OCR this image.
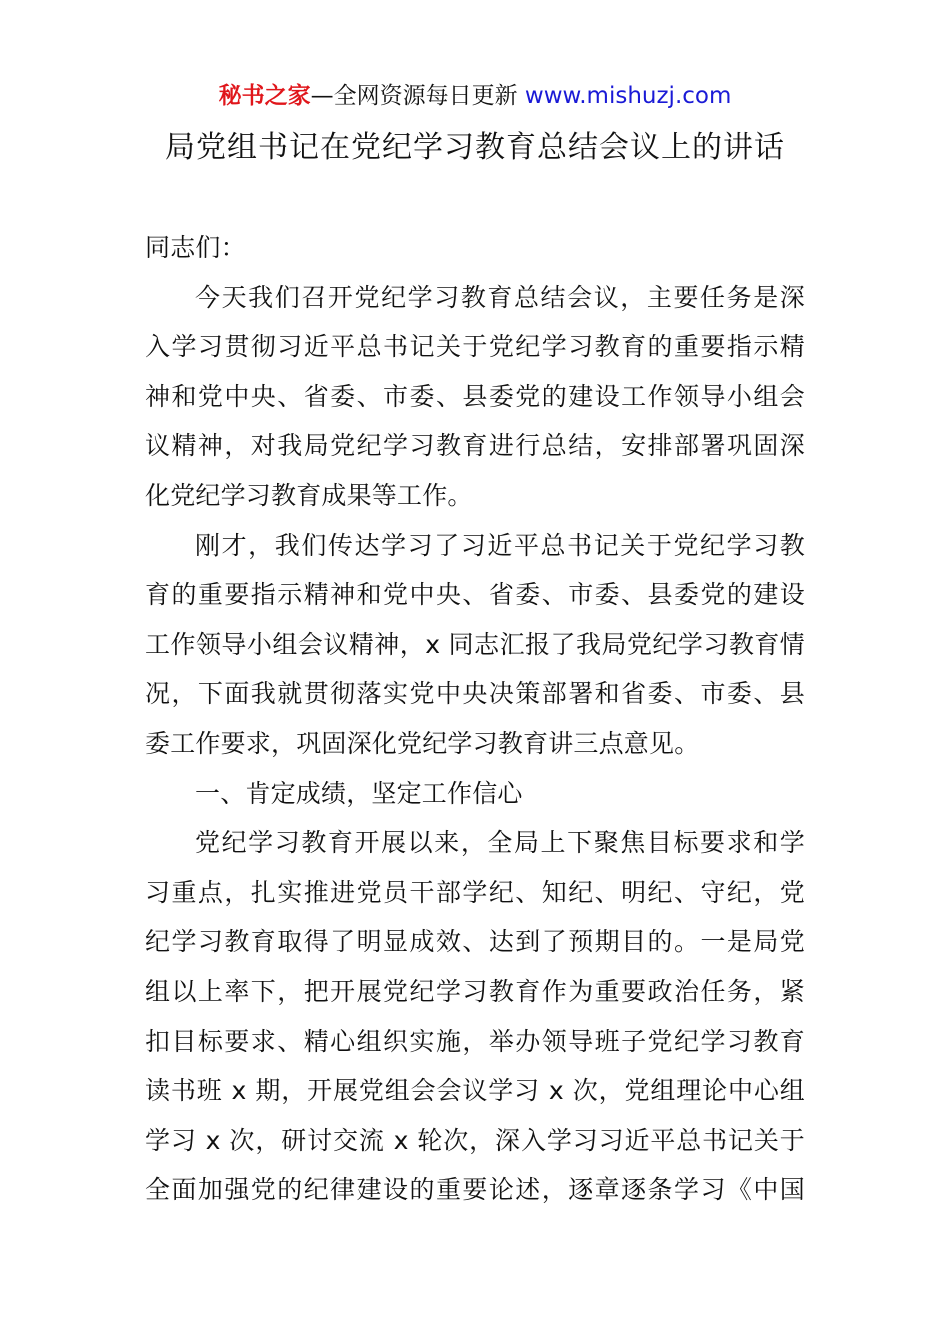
秘书之家—全网资源每日更新 www.mishuzj.com
局党组书记在党纪学习教育总结会议上的讲话
同志们：
今天我们召开党纪学习教育总结会议，主要任务是深
入学习贯彻习近平总书记关于党纪学习教育的重要指示精
神和党中央、省委、市委、县委党的建设工作领导小组会
议精神，对我局党纪学习教育进行总结，安排部署巩固深
化党纪学习教育成果等工作。
刚才，我们传达学习了习近平总书记关于党纪学习教
育的重要指示精神和党中央、省委、市委、县委党的建设
工作领导小组会议精神，x 同志汇报了我局党纪学习教育情
况，下面我就贯彻落实党中央决策部署和省委、市委、县
委工作要求，巩固深化党纪学习教育讲三点意见。
一、肯定成绩，坚定工作信心
党纪学习教育开展以来，全局上下聚焦目标要求和学
习重点，扎实推进党员干部学纪、知纪、明纪、守纪，党
纪学习教育取得了明显成效、达到了预期目的。一是局党
组以上率下，把开展党纪学习教育作为重要政治任务，紧
扣目标要求、精心组织实施，举办领导班子党纪学习教育
读书班 x 期，开展党组会会议学习 x 次，党组理论中心组
学习 x 次，研讨交流 x 轮次，深入学习习近平总书记关于
全面加强党的纪律建设的重要论述，逐章逐条学习《中国
